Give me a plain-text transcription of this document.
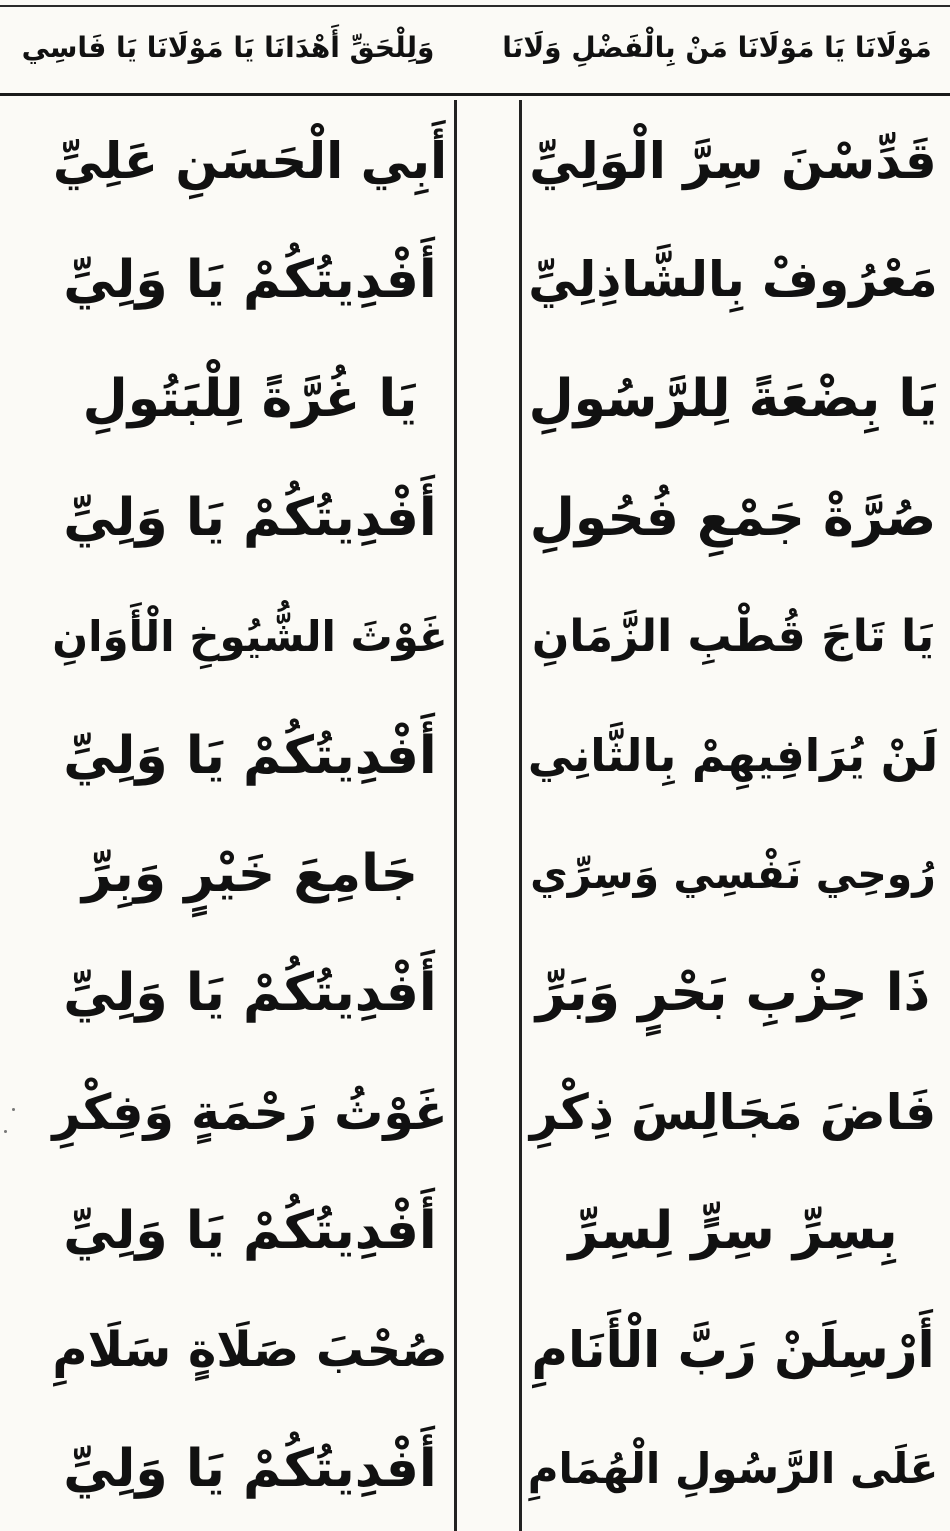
مَوْلَانَا يَا مَوْلَانَا مَنْ بِالْفَضْلِ وَلَانَا
وَلِلْحَقِّ أَهْدَانَا يَا مَوْلَانَا يَا فَاسِي
قَدِّسْنَ سِرَّ الْوَلِيِّ
مَعْرُوفْ بِالشَّاذِلِيِّ
يَا بِضْعَةً لِلرَّسُولِ
صُرَّةْ جَمْعِ فُحُولِ
يَا تَاجَ قُطْبِ الزَّمَانِ
لَنْ يُرَافِيهِمْ بِالثَّانِي
رُوحِي نَفْسِي وَسِرِّي
ذَا حِزْبِ بَحْرٍ وَبَرِّ
فَاضَ مَجَالِسَ ذِكْرِ
بِسِرِّ سِرٍّ لِسِرِّ
أَرْسِلَنْ رَبَّ الْأَنَامِ
عَلَى الرَّسُولِ الْهُمَامِ
أَبِي الْحَسَنِ عَلِيِّ
أَفْدِيتُكُمْ يَا وَلِيِّ
يَا غُرَّةً لِلْبَتُولِ
أَفْدِيتُكُمْ يَا وَلِيِّ
غَوْثَ الشُّيُوخِ الْأَوَانِ
أَفْدِيتُكُمْ يَا وَلِيِّ
جَامِعَ خَيْرٍ وَبِرِّ
أَفْدِيتُكُمْ يَا وَلِيِّ
غَوْثُ رَحْمَةٍ وَفِكْرِ
أَفْدِيتُكُمْ يَا وَلِيِّ
صُحْبَ صَلَاةٍ سَلَامِ
أَفْدِيتُكُمْ يَا وَلِيِّ
